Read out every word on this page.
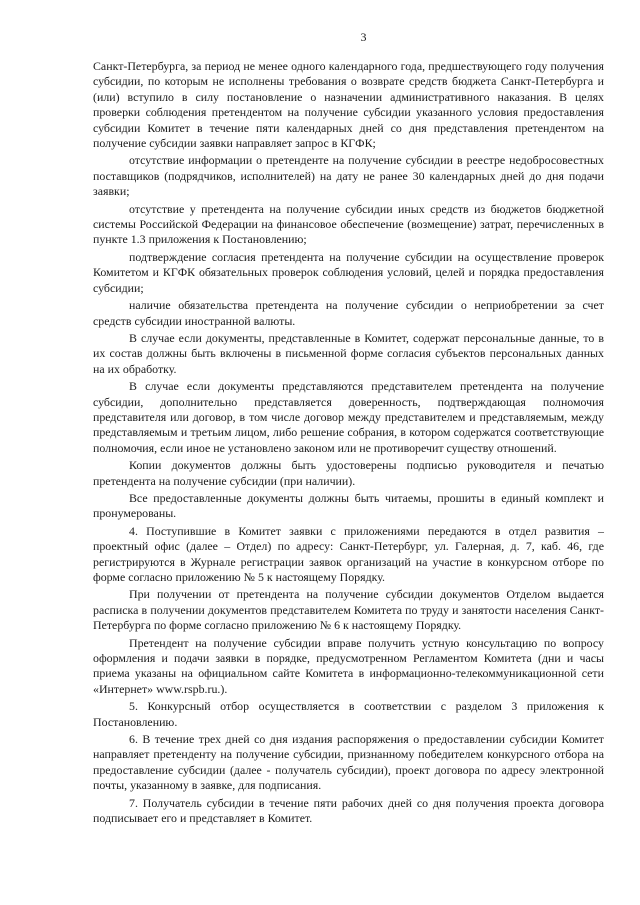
3

Санкт-Петербурга, за период не менее одного календарного года, предшествующего году получения субсидии, по которым не исполнены требования о возврате средств бюджета Санкт-Петербурга и (или) вступило в силу постановление о назначении административного наказания. В целях проверки соблюдения претендентом на получение субсидии указанного условия предоставления субсидии Комитет в течение пяти календарных дней со дня представления претендентом на получение субсидии заявки направляет запрос в КГФК;

отсутствие информации о претенденте на получение субсидии в реестре недобросовестных поставщиков (подрядчиков, исполнителей) на дату не ранее 30 календарных дней до дня подачи заявки;

отсутствие у претендента на получение субсидии иных средств из бюджетов бюджетной системы Российской Федерации на финансовое обеспечение (возмещение) затрат, перечисленных в пункте 1.3 приложения к Постановлению;

подтверждение согласия претендента на получение субсидии на осуществление проверок Комитетом и КГФК обязательных проверок соблюдения условий, целей и порядка предоставления субсидии;

наличие обязательства претендента на получение субсидии о неприобретении за счет средств субсидии иностранной валюты.

В случае если документы, представленные в Комитет, содержат персональные данные, то в их состав должны быть включены в письменной форме согласия субъектов персональных данных на их обработку.

В случае если документы представляются представителем претендента на получение субсидии, дополнительно представляется доверенность, подтверждающая полномочия представителя или договор, в том числе договор между представителем и представляемым, между представляемым и третьим лицом, либо решение собрания, в котором содержатся соответствующие полномочия, если иное не установлено законом или не противоречит существу отношений.

Копии документов должны быть удостоверены подписью руководителя и печатью претендента на получение субсидии (при наличии).

Все предоставленные документы должны быть читаемы, прошиты в единый комплект и пронумерованы.

4. Поступившие в Комитет заявки с приложениями передаются в отдел развития – проектный офис (далее – Отдел) по адресу: Санкт-Петербург, ул. Галерная, д. 7, каб. 46, где регистрируются в Журнале регистрации заявок организаций на участие в конкурсном отборе по форме согласно приложению № 5 к настоящему Порядку.

При получении от претендента на получение субсидии документов Отделом выдается расписка в получении документов представителем Комитета по труду и занятости населения Санкт-Петербурга по форме согласно приложению № 6 к настоящему Порядку.

Претендент на получение субсидии вправе получить устную консультацию по вопросу оформления и подачи заявки в порядке, предусмотренном Регламентом Комитета (дни и часы приема указаны на официальном сайте Комитета в информационно-телекоммуникационной сети «Интернет» www.rspb.ru.).

5. Конкурсный отбор осуществляется в соответствии с разделом 3 приложения к Постановлению.

6. В течение трех дней со дня издания распоряжения о предоставлении субсидии Комитет направляет претенденту на получение субсидии, признанному победителем конкурсного отбора на предоставление субсидии (далее - получатель субсидии), проект договора по адресу электронной почты, указанному в заявке, для подписания.

7. Получатель субсидии в течение пяти рабочих дней со дня получения проекта договора подписывает его и представляет в Комитет.
